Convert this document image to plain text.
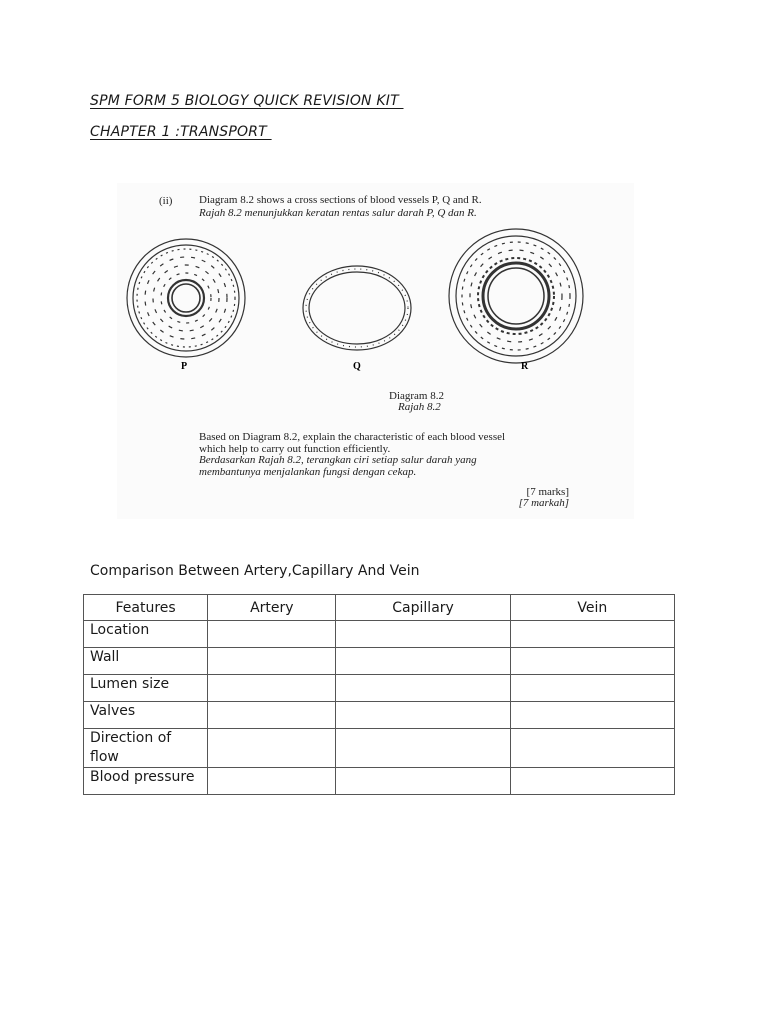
SPM FORM 5 BIOLOGY QUICK REVISION KIT
CHAPTER 1 :TRANSPORT
(ii) Diagram 8.2 shows a cross sections of blood vessels P, Q and R.
Rajah 8.2 menunjukkan keratan rentas salur darah P, Q dan R.
P	Q	R
Diagram 8.2
Rajah 8.2
Based on Diagram 8.2, explain the characteristic of each blood vessel
which help to carry out function efficiently.
Berdasarkan Rajah 8.2, terangkan ciri setiap salur darah yang
membantunya menjalankan fungsi dengan cekap.
[7 marks]
[7 markah]
Comparison Between Artery,Capillary And Vein
Features	Artery	Capillary	Vein
Location			
Wall			
Lumen size			
Valves			
Direction of flow			
Blood pressure			
